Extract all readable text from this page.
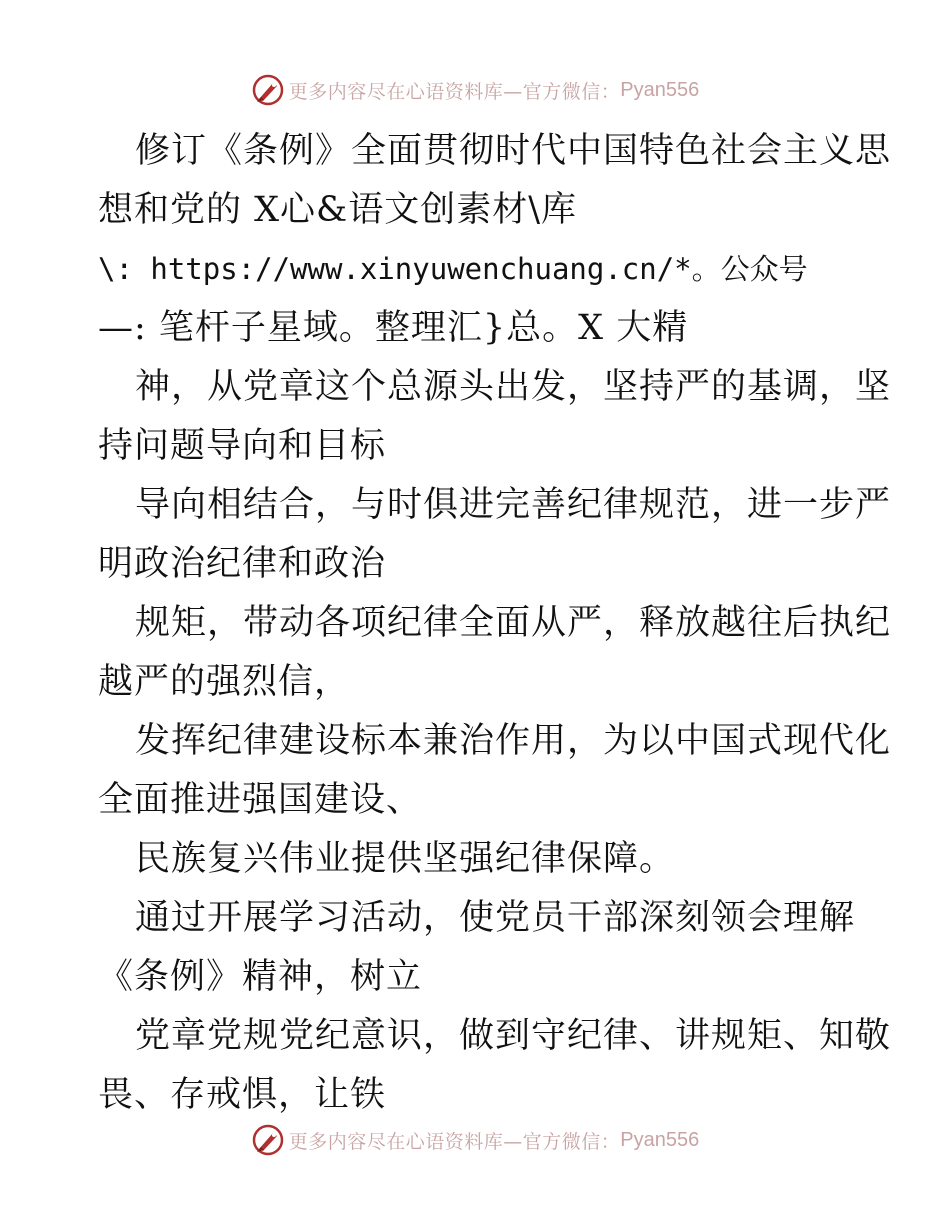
更多内容尽在心语资料库—官方微信： Pyan556
修订《条例》全面贯彻时代中国特色社会主义思
想和党的 X心&语文创素材\库
\: https://www.xinyuwenchuang.cn/*。公众号
—: 笔杆子星域。整理汇}总。X 大精
神，从党章这个总源头出发，坚持严的基调，坚
持问题导向和目标
导向相结合，与时俱进完善纪律规范，进一步严
明政治纪律和政治
规矩，带动各项纪律全面从严，释放越往后执纪
越严的强烈信，
发挥纪律建设标本兼治作用，为以中国式现代化
全面推进强国建设、
民族复兴伟业提供坚强纪律保障。
通过开展学习活动，使党员干部深刻领会理解
《条例》精神，树立
党章党规党纪意识，做到守纪律、讲规矩、知敬
畏、存戒惧，让铁
更多内容尽在心语资料库—官方微信： Pyan556
